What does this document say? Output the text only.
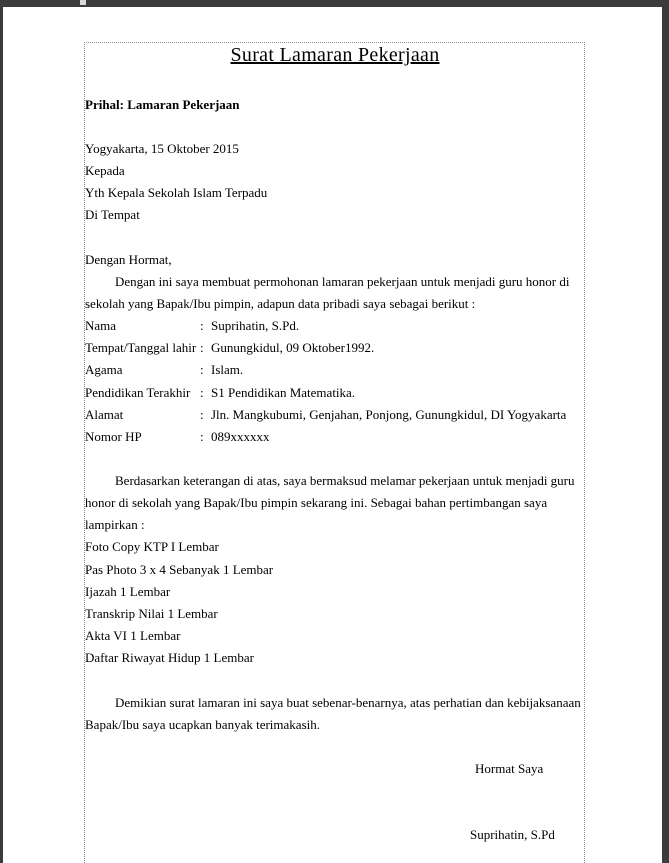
Surat Lamaran Pekerjaan
Prihal: Lamaran Pekerjaan
Yogyakarta, 15 Oktober 2015
Kepada
Yth Kepala Sekolah Islam Terpadu
Di Tempat
Dengan Hormat,
Dengan ini saya membuat permohonan lamaran pekerjaan untuk menjadi guru honor di
sekolah yang Bapak/Ibu pimpin, adapun data pribadi saya sebagai berikut :
Nama	: Suprihatin, S.Pd.
Tempat/Tanggal lahir : Gunungkidul, 09 Oktober1992.
Agama	: Islam.
Pendidikan Terakhir : S1 Pendidikan Matematika.
Alamat	: Jln. Mangkubumi, Genjahan, Ponjong, Gunungkidul, DI Yogyakarta
Nomor HP	: 089xxxxxx
Berdasarkan keterangan di atas, saya bermaksud melamar pekerjaan untuk menjadi guru
honor di sekolah yang Bapak/Ibu pimpin sekarang ini. Sebagai bahan pertimbangan saya
lampirkan :
Foto Copy KTP I Lembar
Pas Photo 3 x 4 Sebanyak 1 Lembar
Ijazah 1 Lembar
Transkrip Nilai 1 Lembar
Akta VI 1 Lembar
Daftar Riwayat Hidup 1 Lembar
Demikian surat lamaran ini saya buat sebenar-benarnya, atas perhatian dan kebijaksanaan
Bapak/Ibu saya ucapkan banyak terimakasih.
Hormat Saya
Suprihatin, S.Pd
